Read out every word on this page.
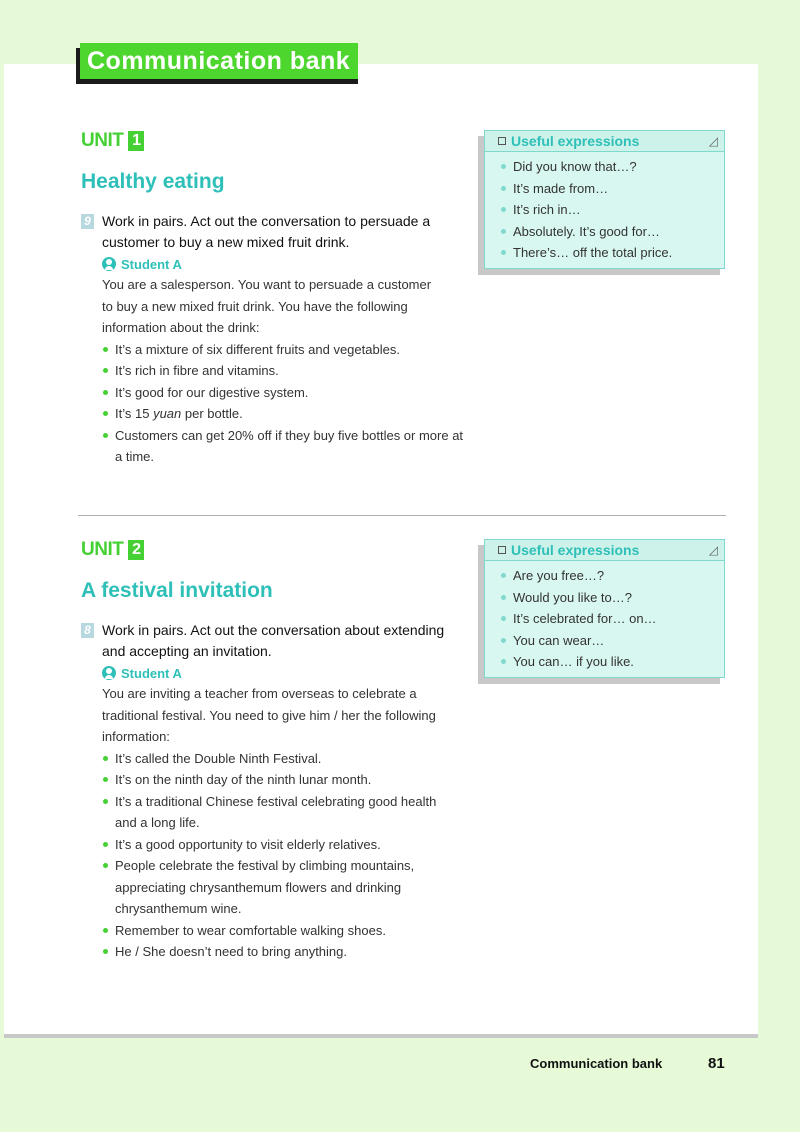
Communication bank
UNIT 1
Healthy eating
9 Work in pairs. Act out the conversation to persuade a customer to buy a new mixed fruit drink.
Student A
You are a salesperson. You want to persuade a customer to buy a new mixed fruit drink. You have the following information about the drink:
It’s a mixture of six different fruits and vegetables.
It’s rich in fibre and vitamins.
It’s good for our digestive system.
It’s 15 yuan per bottle.
Customers can get 20% off if they buy five bottles or more at a time.
Useful expressions	◿
Did you know that…?
It’s made from…
It’s rich in…
Absolutely. It’s good for…
There’s… off the total price.
UNIT 2
A festival invitation
8 Work in pairs. Act out the conversation about extending and accepting an invitation.
Student A
You are inviting a teacher from overseas to celebrate a traditional festival. You need to give him / her the following information:
It’s called the Double Ninth Festival.
It’s on the ninth day of the ninth lunar month.
It’s a traditional Chinese festival celebrating good health and a long life.
It’s a good opportunity to visit elderly relatives.
People celebrate the festival by climbing mountains, appreciating chrysanthemum flowers and drinking chrysanthemum wine.
Remember to wear comfortable walking shoes.
He / She doesn’t need to bring anything.
Useful expressions	◿
Are you free…?
Would you like to…?
It’s celebrated for… on…
You can wear…
You can… if you like.
Communication bank	81
